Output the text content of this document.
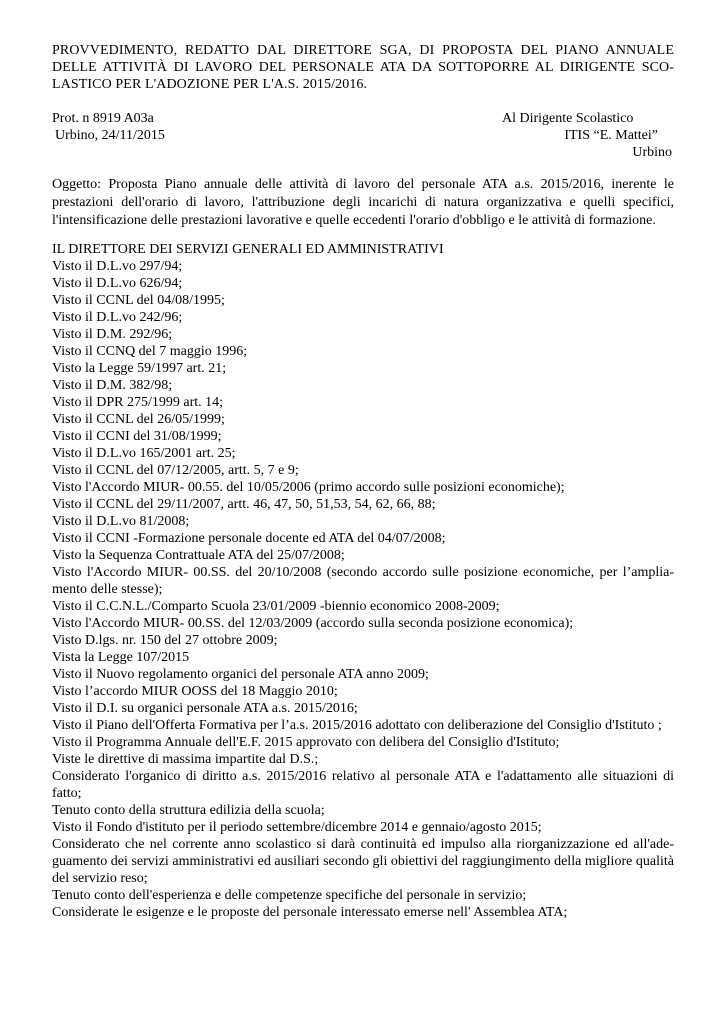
PROVVEDIMENTO, REDATTO DAL DIRETTORE SGA, DI PROPOSTA DEL PIANO ANNUALE DELLE ATTIVITÀ DI LAVORO DEL PERSONALE ATA DA SOTTOPORRE AL DIRIGENTE SCO-LASTICO PER L'ADOZIONE PER L'A.S. 2015/2016.
Prot. n 8919 A03a
Urbino, 24/11/2015
Al Dirigente Scolastico
ITIS “E. Mattei”
Urbino
Oggetto: Proposta Piano annuale delle attività di lavoro del personale ATA a.s. 2015/2016, inerente le prestazioni dell'orario di lavoro, l'attribuzione degli incarichi di natura organizzativa e quelli specifici, l'intensificazione delle prestazioni lavorative e quelle eccedenti l'orario d'obbligo e le attività di formazione.
IL DIRETTORE DEI SERVIZI GENERALI ED AMMINISTRATIVI
Visto il D.L.vo 297/94;
Visto il D.L.vo 626/94;
Visto il CCNL del 04/08/1995;
Visto il D.L.vo 242/96;
Visto il D.M. 292/96;
Visto il CCNQ del 7 maggio 1996;
Visto la Legge 59/1997 art. 21;
Visto il D.M. 382/98;
Visto il DPR 275/1999 art. 14;
Visto il CCNL del 26/05/1999;
Visto il CCNI del 31/08/1999;
Visto il D.L.vo 165/2001 art. 25;
Visto il CCNL del 07/12/2005, artt. 5, 7 e 9;
Visto l'Accordo MIUR- 00.55. del 10/05/2006 (primo accordo sulle posizioni economiche);
Visto il CCNL del 29/11/2007, artt. 46, 47, 50, 51,53, 54, 62, 66, 88;
Visto il D.L.vo 81/2008;
Visto il CCNI -Formazione personale docente ed ATA del 04/07/2008;
Visto la Sequenza Contrattuale ATA del 25/07/2008;
Visto l'Accordo MIUR- 00.SS. del 20/10/2008 (secondo accordo sulle posizione economiche, per l’amplia-mento delle stesse);
Visto il C.C.N.L./Comparto Scuola 23/01/2009 -biennio economico 2008-2009;
Visto l'Accordo MIUR- 00.SS. del 12/03/2009 (accordo sulla seconda posizione economica);
Visto D.lgs. nr. 150 del 27 ottobre 2009;
Vista la Legge 107/2015
Visto il Nuovo regolamento organici del personale ATA anno 2009;
Visto l’accordo MIUR OOSS del 18 Maggio 2010;
Visto il D.I. su organici personale ATA a.s. 2015/2016;
Visto il Piano dell'Offerta Formativa per l’a.s. 2015/2016 adottato con deliberazione del Consiglio d'Istituto ;
Visto il Programma Annuale dell'E.F. 2015 approvato con delibera del Consiglio d'Istituto;
Viste le direttive di massima impartite dal D.S.;
Considerato l'organico di diritto a.s. 2015/2016 relativo al personale ATA e l'adattamento alle situazioni di fatto;
Tenuto conto della struttura edilizia della scuola;
Visto il Fondo d'istituto per il periodo settembre/dicembre 2014 e gennaio/agosto 2015;
Considerato che nel corrente anno scolastico si darà continuità ed impulso alla riorganizzazione ed all'ade-guamento dei servizi amministrativi ed ausiliari secondo gli obiettivi del raggiungimento della migliore qualità del servizio reso;
Tenuto conto dell'esperienza e delle competenze specifiche del personale in servizio;
Considerate le esigenze e le proposte del personale interessato emerse nell' Assemblea ATA;
